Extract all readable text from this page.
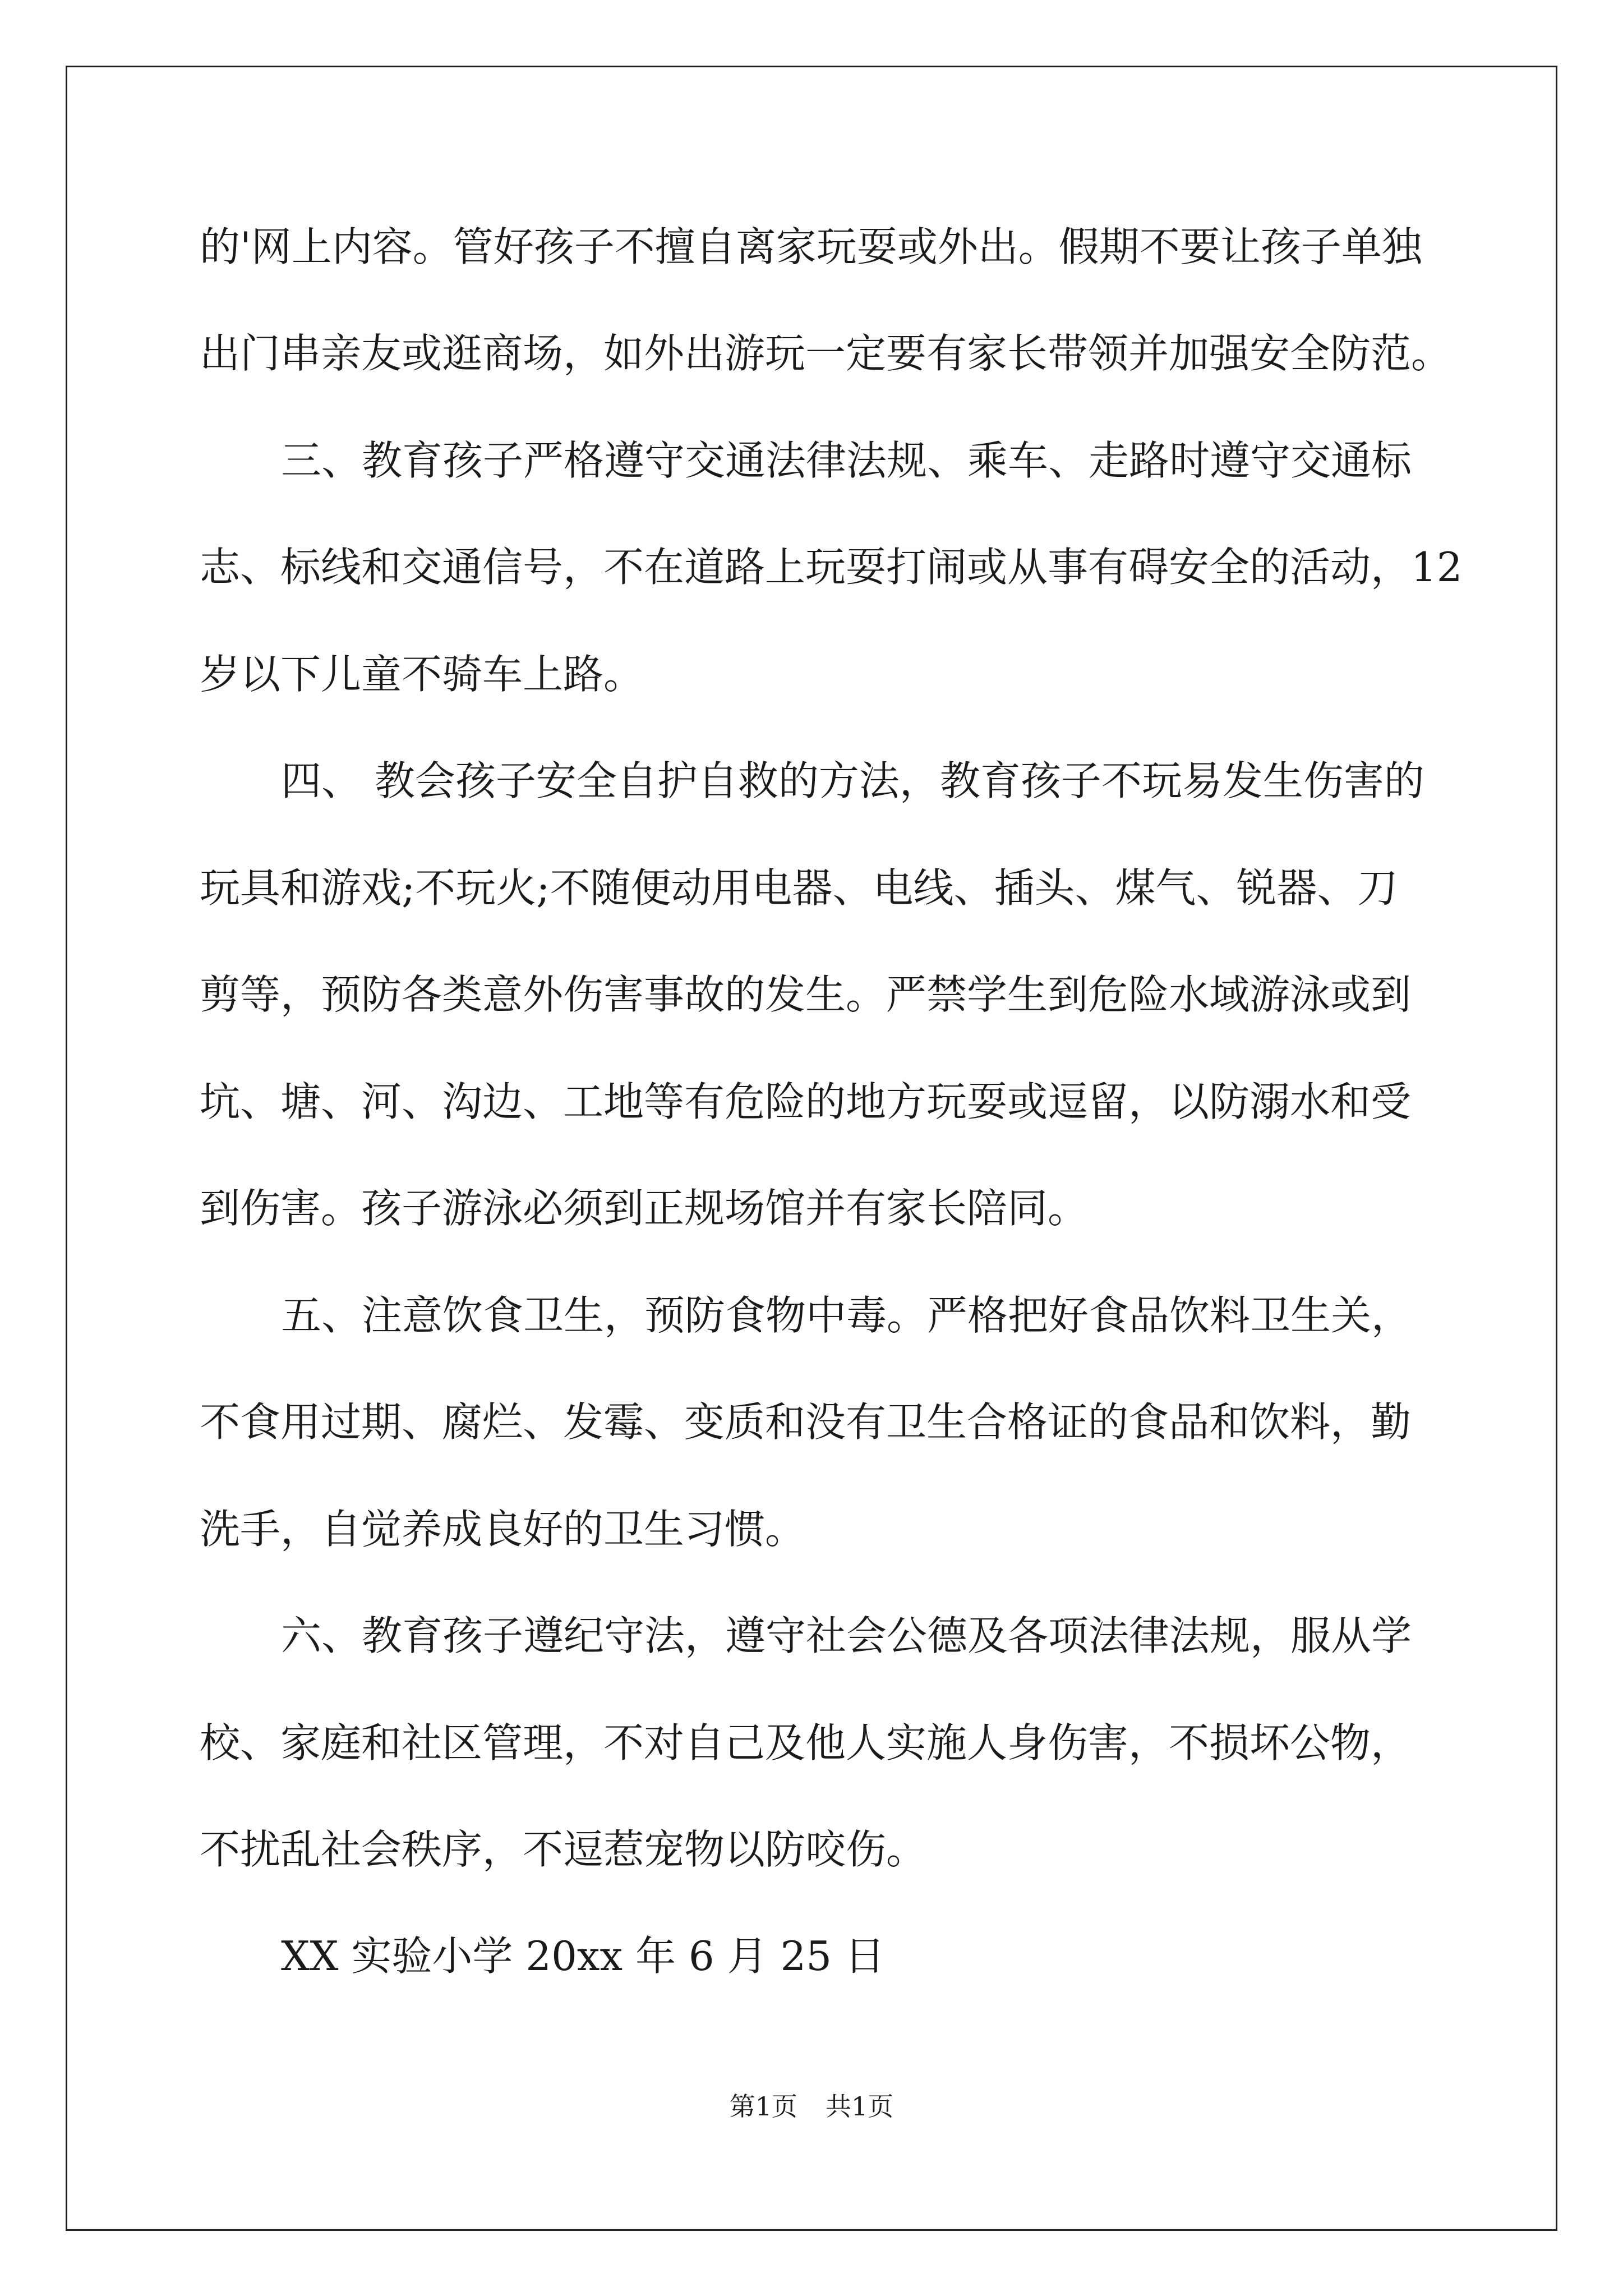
的'网上内容。管好孩子不擅自离家玩耍或外出。假期不要让孩子单独
出门串亲友或逛商场，如外出游玩一定要有家长带领并加强安全防范。
三、教育孩子严格遵守交通法律法规、乘车、走路时遵守交通标
志、标线和交通信号，不在道路上玩耍打闹或从事有碍安全的活动，12
岁以下儿童不骑车上路。
四、 教会孩子安全自护自救的方法，教育孩子不玩易发生伤害的
玩具和游戏;不玩火;不随便动用电器、电线、插头、煤气、锐器、刀
剪等，预防各类意外伤害事故的发生。严禁学生到危险水域游泳或到
坑、塘、河、沟边、工地等有危险的地方玩耍或逗留，以防溺水和受
到伤害。孩子游泳必须到正规场馆并有家长陪同。
五、注意饮食卫生，预防食物中毒。严格把好食品饮料卫生关，
不食用过期、腐烂、发霉、变质和没有卫生合格证的食品和饮料，勤
洗手，自觉养成良好的卫生习惯。
六、教育孩子遵纪守法，遵守社会公德及各项法律法规，服从学
校、家庭和社区管理，不对自己及他人实施人身伤害，不损坏公物，
不扰乱社会秩序，不逗惹宠物以防咬伤。
XX 实验小学 20xx 年 6 月 25 日
第1页 共1页
